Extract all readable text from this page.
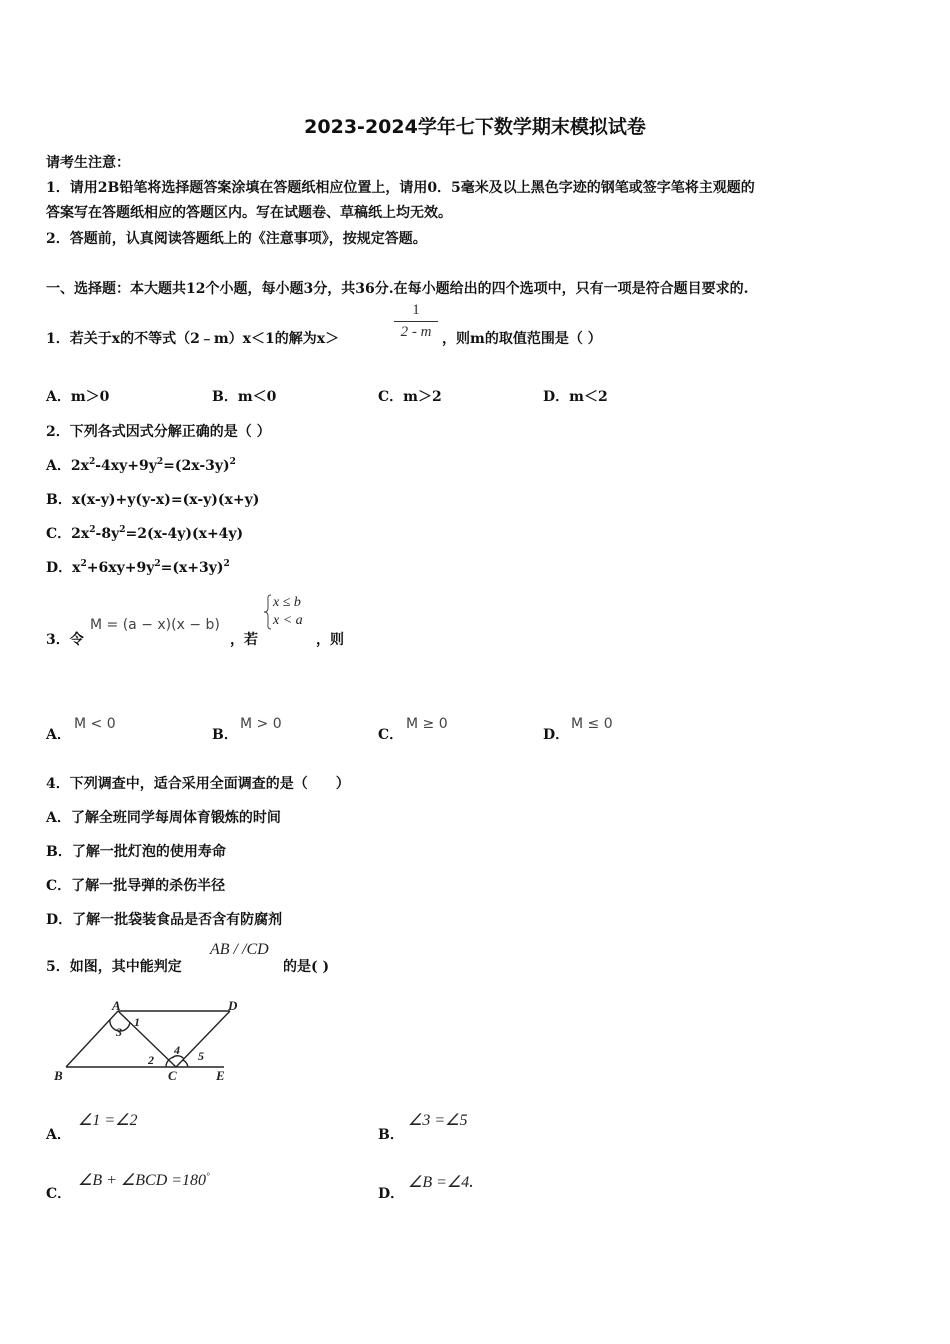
2023-2024学年七下数学期末模拟试卷
请考生注意：
1．请用2B铅笔将选择题答案涂填在答题纸相应位置上，请用0．5毫米及以上黑色字迹的钢笔或签字笔将主观题的
答案写在答题纸相应的答题区内。写在试题卷、草稿纸上均无效。
2．答题前，认真阅读答题纸上的《注意事项》，按规定答题。
一、选择题：本大题共12个小题，每小题3分，共36分.在每小题给出的四个选项中，只有一项是符合题目要求的.
1．若关于x的不等式（2﹣m）x＜1的解为x＞
1
2 - m ，则m的取值范围是（ ）
A．m＞0	B．m＜0	C．m＞2	D．m＜2
2．下列各式因式分解正确的是（ ）
A．$2x^2-4xy+9y^2=(2x-3y)^2$
B．x(x-y)+y(y-x)=(x-y)(x+y)
C．$2x^2-8y^2=2(x-4y)(x+4y)$
D．$x^2+6xy+9y^2=(x+3y)^2$
3．令
M = (a − x)(x − b)
，若
x ≤ b
x < a
，则
A．
M < 0
B．
M > 0
C．
M ≥ 0
D．
M ≤ 0
4．下列调查中，适合采用全面调查的是（　　）
A．了解全班同学每周体育锻炼的时间
B．了解一批灯泡的使用寿命
C．了解一批导弹的杀伤半径
D．了解一批袋装食品是否含有防腐剂
5．如图，其中能判定
AB / /CD
的是( )
A	D
B	C	E
1
3
2
4 5
A．
∠1 =∠2
B．
∠3 =∠5
C．
∠B + ∠BCD =180°
D．
∠B =∠4.
